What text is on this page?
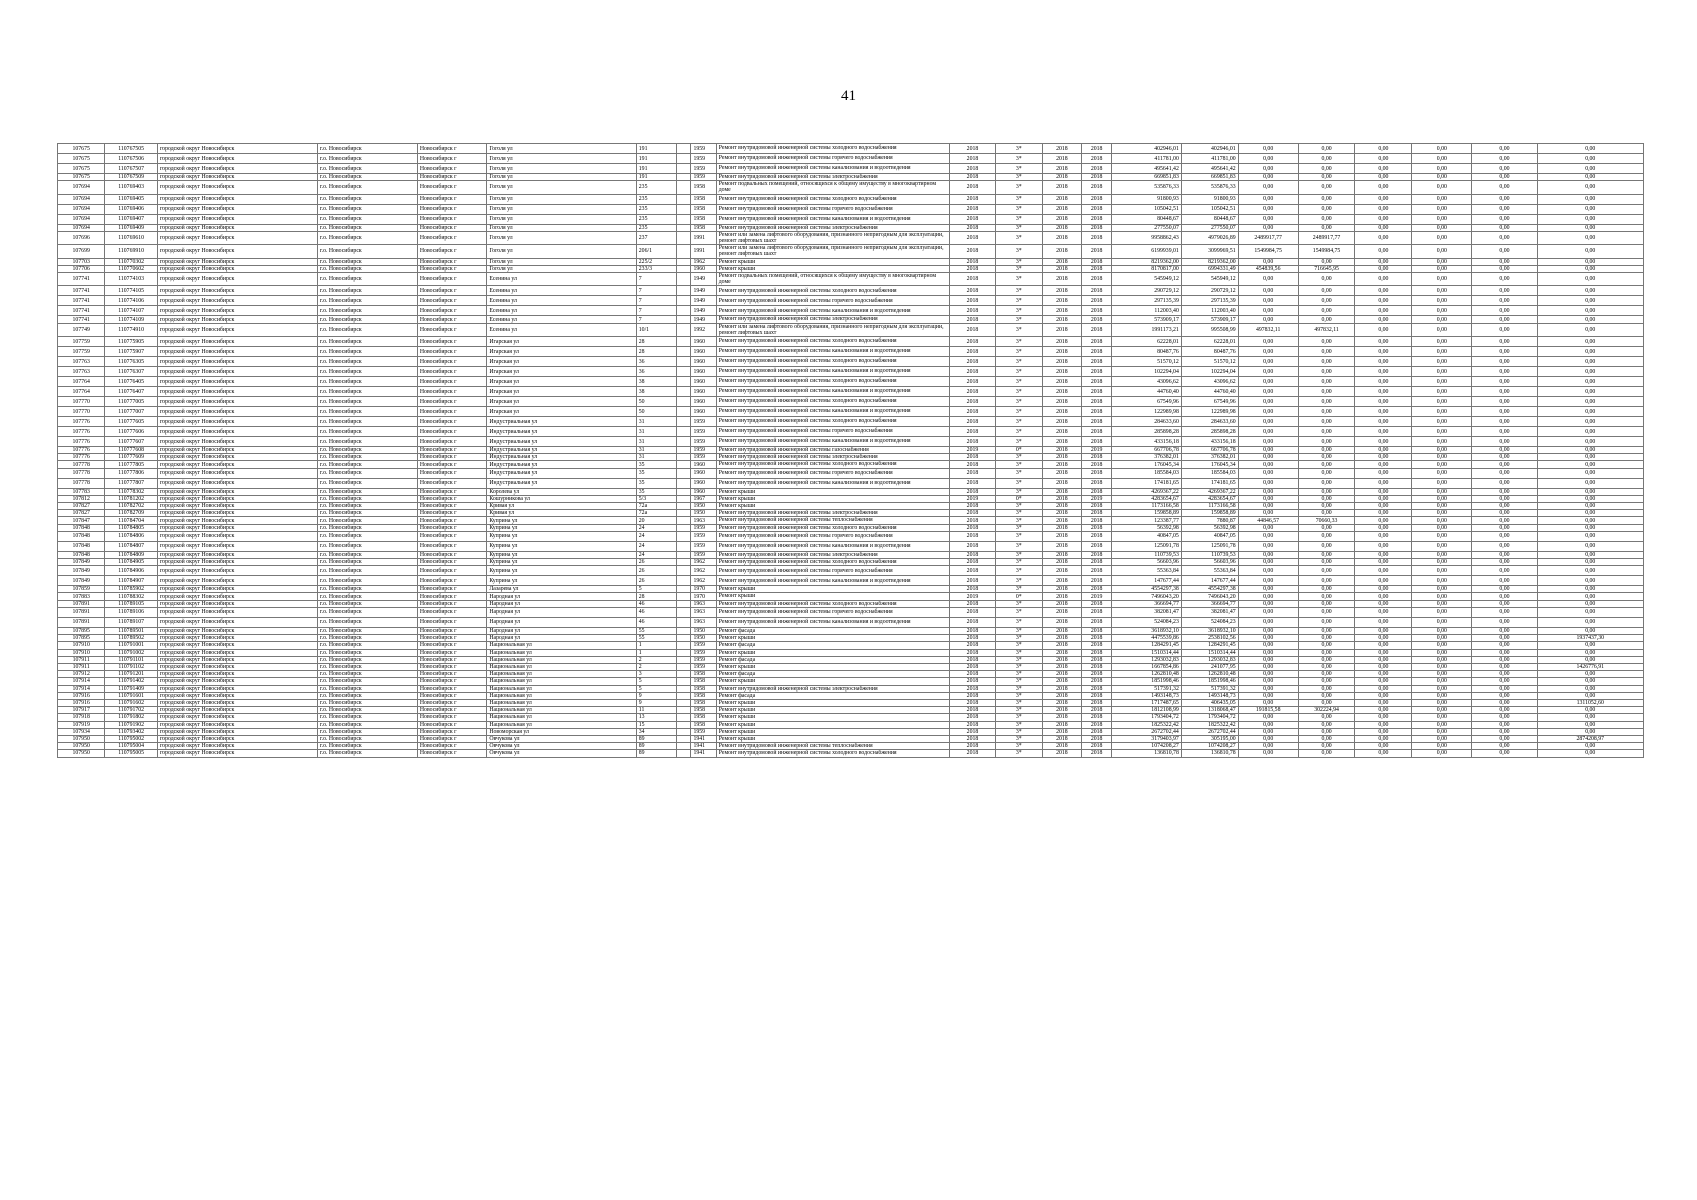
41
107675	110767505	городской округ Новосибирск	г.о. Новосибирск	Новосибирск г	Гоголя ул	191		1959	Ремонт внутридомовой инженерной системы холодного водоснабжения	2018	3*	2018	2018	402946,01	402946,01	0,00	0,00	0,00	0,00	0,00	0,00
107675	110767506	городской округ Новосибирск	г.о. Новосибирск	Новосибирск г	Гоголя ул	191		1959	Ремонт внутридомовой инженерной системы горячего водоснабжения	2018	3*	2018	2018	411781,00	411781,00	0,00	0,00	0,00	0,00	0,00	0,00
107675	110767507	городской округ Новосибирск	г.о. Новосибирск	Новосибирск г	Гоголя ул	191		1959	Ремонт внутридомовой инженерной системы канализования и водоотведения	2018	3*	2018	2018	495641,42	495641,42	0,00	0,00	0,00	0,00	0,00	0,00
107675	110767509	городской округ Новосибирск	г.о. Новосибирск	Новосибирск г	Гоголя ул	191		1959	Ремонт внутридомовой инженерной системы электроснабжения	2018	3*	2018	2018	669851,83	669851,83	0,00	0,00	0,00	0,00	0,00	0,00
107694	110769403	городской округ Новосибирск	г.о. Новосибирск	Новосибирск г	Гоголя ул	235		1958	Ремонт подвальных помещений, относящихся к общему имуществу в многоквартирном доме	2018	3*	2018	2018	535876,33	535876,33	0,00	0,00	0,00	0,00	0,00	0,00
107694	110769405	городской округ Новосибирск	г.о. Новосибирск	Новосибирск г	Гоголя ул	235		1958	Ремонт внутридомовой инженерной системы холодного водоснабжения	2018	3*	2018	2018	91800,93	91800,93	0,00	0,00	0,00	0,00	0,00	0,00
107694	110769406	городской округ Новосибирск	г.о. Новосибирск	Новосибирск г	Гоголя ул	235		1958	Ремонт внутридомовой инженерной системы горячего водоснабжения	2018	3*	2018	2018	105042,51	105042,51	0,00	0,00	0,00	0,00	0,00	0,00
107694	110769407	городской округ Новосибирск	г.о. Новосибирск	Новосибирск г	Гоголя ул	235		1958	Ремонт внутридомовой инженерной системы канализования и водоотведения	2018	3*	2018	2018	80448,67	80448,67	0,00	0,00	0,00	0,00	0,00	0,00
107694	110769409	городской округ Новосибирск	г.о. Новосибирск	Новосибирск г	Гоголя ул	235		1958	Ремонт внутридомовой инженерной системы электроснабжения	2018	3*	2018	2018	277550,07	277550,07	0,00	0,00	0,00	0,00	0,00	0,00
107696	110769610	городской округ Новосибирск	г.о. Новосибирск	Новосибирск г	Гоголя ул	237		1991	Ремонт или замена лифтового оборудования, признанного непригодным для эксплуатации, ремонт лифтовых шахт	2018	3*	2018	2018	9958862,43	4979026,89	2489917,77	2489917,77	0,00	0,00	0,00	0,00
107699	110769910	городской округ Новосибирск	г.о. Новосибирск	Новосибирск г	Гоголя ул	206/1		1991	Ремонт или замена лифтового оборудования, признанного непригодным для эксплуатации, ремонт лифтовых шахт	2018	3*	2018	2018	6199939,01	3099969,51	1549984,75	1549984,75	0,00	0,00	0,00	0,00
107703	110770302	городской округ Новосибирск	г.о. Новосибирск	Новосибирск г	Гоголя ул	225/2		1962	Ремонт крыши	2018	3*	2018	2018	8219362,00	8219362,00	0,00	0,00	0,00	0,00	0,00	0,00
107706	110770602	городской округ Новосибирск	г.о. Новосибирск	Новосибирск г	Гоголя ул	233/3		1960	Ремонт крыши	2018	3*	2018	2018	8170817,00	6994331,49	454839,56	716645,95	0,00	0,00	0,00	0,00
107741	110774103	городской округ Новосибирск	г.о. Новосибирск	Новосибирск г	Есенина ул	7		1949	Ремонт подвальных помещений, относящихся к общему имуществу в многоквартирном доме	2018	3*	2018	2018	545949,12	545949,12	0,00	0,00	0,00	0,00	0,00	0,00
107741	110774105	городской округ Новосибирск	г.о. Новосибирск	Новосибирск г	Есенина ул	7		1949	Ремонт внутридомовой инженерной системы холодного водоснабжения	2018	3*	2018	2018	290729,12	290729,12	0,00	0,00	0,00	0,00	0,00	0,00
107741	110774106	городской округ Новосибирск	г.о. Новосибирск	Новосибирск г	Есенина ул	7		1949	Ремонт внутридомовой инженерной системы горячего водоснабжения	2018	3*	2018	2018	297135,39	297135,39	0,00	0,00	0,00	0,00	0,00	0,00
107741	110774107	городской округ Новосибирск	г.о. Новосибирск	Новосибирск г	Есенина ул	7		1949	Ремонт внутридомовой инженерной системы канализования и водоотведения	2018	3*	2018	2018	112003,40	112003,40	0,00	0,00	0,00	0,00	0,00	0,00
107741	110774109	городской округ Новосибирск	г.о. Новосибирск	Новосибирск г	Есенина ул	7		1949	Ремонт внутридомовой инженерной системы электроснабжения	2018	3*	2018	2018	573909,17	573909,17	0,00	0,00	0,00	0,00	0,00	0,00
107749	110774910	городской округ Новосибирск	г.о. Новосибирск	Новосибирск г	Есенина ул	10/1		1992	Ремонт или замена лифтового оборудования, признанного непригодным для эксплуатации, ремонт лифтовых шахт	2018	3*	2018	2018	1991173,21	995508,99	497832,11	497832,11	0,00	0,00	0,00	0,00
107759	110775905	городской округ Новосибирск	г.о. Новосибирск	Новосибирск г	Игарская ул	28		1960	Ремонт внутридомовой инженерной системы холодного водоснабжения	2018	3*	2018	2018	62228,01	62228,01	0,00	0,00	0,00	0,00	0,00	0,00
107759	110775907	городской округ Новосибирск	г.о. Новосибирск	Новосибирск г	Игарская ул	28		1960	Ремонт внутридомовой инженерной системы канализования и водоотведения	2018	3*	2018	2018	80487,76	80487,76	0,00	0,00	0,00	0,00	0,00	0,00
107763	110776305	городской округ Новосибирск	г.о. Новосибирск	Новосибирск г	Игарская ул	36		1960	Ремонт внутридомовой инженерной системы холодного водоснабжения	2018	3*	2018	2018	51570,12	51570,12	0,00	0,00	0,00	0,00	0,00	0,00
107763	110776307	городской округ Новосибирск	г.о. Новосибирск	Новосибирск г	Игарская ул	36		1960	Ремонт внутридомовой инженерной системы канализования и водоотведения	2018	3*	2018	2018	102294,04	102294,04	0,00	0,00	0,00	0,00	0,00	0,00
107764	110776405	городской округ Новосибирск	г.о. Новосибирск	Новосибирск г	Игарская ул	38		1960	Ремонт внутридомовой инженерной системы холодного водоснабжения	2018	3*	2018	2018	43096,62	43096,62	0,00	0,00	0,00	0,00	0,00	0,00
107764	110776407	городской округ Новосибирск	г.о. Новосибирск	Новосибирск г	Игарская ул	38		1960	Ремонт внутридомовой инженерной системы канализования и водоотведения	2018	3*	2018	2018	44760,40	44760,40	0,00	0,00	0,00	0,00	0,00	0,00
107770	110777005	городской округ Новосибирск	г.о. Новосибирск	Новосибирск г	Игарская ул	50		1960	Ремонт внутридомовой инженерной системы холодного водоснабжения	2018	3*	2018	2018	67549,96	67549,96	0,00	0,00	0,00	0,00	0,00	0,00
107770	110777007	городской округ Новосибирск	г.о. Новосибирск	Новосибирск г	Игарская ул	50		1960	Ремонт внутридомовой инженерной системы канализования и водоотведения	2018	3*	2018	2018	122989,98	122989,98	0,00	0,00	0,00	0,00	0,00	0,00
107776	110777605	городской округ Новосибирск	г.о. Новосибирск	Новосибирск г	Индустриальная ул	31		1959	Ремонт внутридомовой инженерной системы холодного водоснабжения	2018	3*	2018	2018	284633,60	284633,60	0,00	0,00	0,00	0,00	0,00	0,00
107776	110777606	городской округ Новосибирск	г.о. Новосибирск	Новосибирск г	Индустриальная ул	31		1959	Ремонт внутридомовой инженерной системы горячего водоснабжения	2018	3*	2018	2018	285898,28	285898,28	0,00	0,00	0,00	0,00	0,00	0,00
107776	110777607	городской округ Новосибирск	г.о. Новосибирск	Новосибирск г	Индустриальная ул	31		1959	Ремонт внутридомовой инженерной системы канализования и водоотведения	2018	3*	2018	2018	433156,18	433156,18	0,00	0,00	0,00	0,00	0,00	0,00
107776	110777608	городской округ Новосибирск	г.о. Новосибирск	Новосибирск г	Индустриальная ул	31		1959	Ремонт внутридомовой инженерной системы газоснабжения	2019	0*	2018	2019	667706,78	667706,78	0,00	0,00	0,00	0,00	0,00	0,00
107776	110777609	городской округ Новосибирск	г.о. Новосибирск	Новосибирск г	Индустриальная ул	31		1959	Ремонт внутридомовой инженерной системы электроснабжения	2018	3*	2018	2018	376382,01	376382,01	0,00	0,00	0,00	0,00	0,00	0,00
107778	110777805	городской округ Новосибирск	г.о. Новосибирск	Новосибирск г	Индустриальная ул	35		1960	Ремонт внутридомовой инженерной системы холодного водоснабжения	2018	3*	2018	2018	176045,34	176045,34	0,00	0,00	0,00	0,00	0,00	0,00
107778	110777806	городской округ Новосибирск	г.о. Новосибирск	Новосибирск г	Индустриальная ул	35		1960	Ремонт внутридомовой инженерной системы горячего водоснабжения	2018	3*	2018	2018	185584,03	185584,03	0,00	0,00	0,00	0,00	0,00	0,00
107778	110777807	городской округ Новосибирск	г.о. Новосибирск	Новосибирск г	Индустриальная ул	35		1960	Ремонт внутридомовой инженерной системы канализования и водоотведения	2018	3*	2018	2018	174181,65	174181,65	0,00	0,00	0,00	0,00	0,00	0,00
107783	110778302	городской округ Новосибирск	г.о. Новосибирск	Новосибирск г	Королева ул	35		1960	Ремонт крыши	2018	3*	2018	2018	4269367,22	4269367,22	0,00	0,00	0,00	0,00	0,00	0,00
107812	110781202	городской округ Новосибирск	г.о. Новосибирск	Новосибирск г	Кошурникова ул	5/3		1967	Ремонт крыши	2019	0*	2018	2019	4283654,67	4283654,67	0,00	0,00	0,00	0,00	0,00	0,00
107827	110782702	городской округ Новосибирск	г.о. Новосибирск	Новосибирск г	Кривая ул	72а		1950	Ремонт крыши	2018	3*	2018	2018	1173166,58	1173166,58	0,00	0,00	0,00	0,00	0,00	0,00
107827	110782709	городской округ Новосибирск	г.о. Новосибирск	Новосибирск г	Кривая ул	72а		1950	Ремонт внутридомовой инженерной системы электроснабжения	2018	3*	2018	2018	159858,89	159858,89	0,00	0,00	0,00	0,00	0,00	0,00
107847	110784704	городской округ Новосибирск	г.о. Новосибирск	Новосибирск г	Куприна ул	20		1963	Ремонт внутридомовой инженерной системы теплоснабжения	2018	3*	2018	2018	123387,77	7880,87	44846,57	70660,33	0,00	0,00	0,00	0,00
107848	110784805	городской округ Новосибирск	г.о. Новосибирск	Новосибирск г	Куприна ул	24		1959	Ремонт внутридомовой инженерной системы холодного водоснабжения	2018	3*	2018	2018	56392,98	56392,98	0,00	0,00	0,00	0,00	0,00	0,00
107848	110784806	городской округ Новосибирск	г.о. Новосибирск	Новосибирск г	Куприна ул	24		1959	Ремонт внутридомовой инженерной системы горячего водоснабжения	2018	3*	2018	2018	40847,05	40847,05	0,00	0,00	0,00	0,00	0,00	0,00
107848	110784807	городской округ Новосибирск	г.о. Новосибирск	Новосибирск г	Куприна ул	24		1959	Ремонт внутридомовой инженерной системы канализования и водоотведения	2018	3*	2018	2018	125091,78	125091,78	0,00	0,00	0,00	0,00	0,00	0,00
107848	110784809	городской округ Новосибирск	г.о. Новосибирск	Новосибирск г	Куприна ул	24		1959	Ремонт внутридомовой инженерной системы электроснабжения	2018	3*	2018	2018	110739,53	110739,53	0,00	0,00	0,00	0,00	0,00	0,00
107849	110784905	городской округ Новосибирск	г.о. Новосибирск	Новосибирск г	Куприна ул	26		1962	Ремонт внутридомовой инженерной системы холодного водоснабжения	2018	3*	2018	2018	56603,96	56603,96	0,00	0,00	0,00	0,00	0,00	0,00
107849	110784906	городской округ Новосибирск	г.о. Новосибирск	Новосибирск г	Куприна ул	26		1962	Ремонт внутридомовой инженерной системы горячего водоснабжения	2018	3*	2018	2018	55363,84	55363,84	0,00	0,00	0,00	0,00	0,00	0,00
107849	110784907	городской округ Новосибирск	г.о. Новосибирск	Новосибирск г	Куприна ул	26		1962	Ремонт внутридомовой инженерной системы канализования и водоотведения	2018	3*	2018	2018	147677,44	147677,44	0,00	0,00	0,00	0,00	0,00	0,00
107859	110785902	городской округ Новосибирск	г.о. Новосибирск	Новосибирск г	Лазарева ул	5		1970	Ремонт крыши	2018	3*	2018	2018	4554297,38	4554297,38	0,00	0,00	0,00	0,00	0,00	0,00
107883	110788302	городской округ Новосибирск	г.о. Новосибирск	Новосибирск г	Народная ул	28		1970	Ремонт крыши	2019	0*	2018	2019	7496043,20	7496043,20	0,00	0,00	0,00	0,00	0,00	0,00
107891	110789105	городской округ Новосибирск	г.о. Новосибирск	Новосибирск г	Народная ул	46		1963	Ремонт внутридомовой инженерной системы холодного водоснабжения	2018	3*	2018	2018	366694,77	366694,77	0,00	0,00	0,00	0,00	0,00	0,00
107891	110789106	городской округ Новосибирск	г.о. Новосибирск	Новосибирск г	Народная ул	46		1963	Ремонт внутридомовой инженерной системы горячего водоснабжения	2018	3*	2018	2018	382081,47	382081,47	0,00	0,00	0,00	0,00	0,00	0,00
107891	110789107	городской округ Новосибирск	г.о. Новосибирск	Новосибирск г	Народная ул	46		1963	Ремонт внутридомовой инженерной системы канализования и водоотведения	2018	3*	2018	2018	524084,23	524084,23	0,00	0,00	0,00	0,00	0,00	0,00
107895	110789501	городской округ Новосибирск	г.о. Новосибирск	Новосибирск г	Народная ул	55		1950	Ремонт фасада	2018	3*	2018	2018	3618932,10	3618932,10	0,00	0,00	0,00	0,00	0,00	0,00
107895	110789502	городской округ Новосибирск	г.о. Новосибирск	Новосибирск г	Народная ул	55		1950	Ремонт крыши	2018	3*	2018	2018	4475539,86	2538102,56	0,00	0,00	0,00	0,00	0,00	1937437,30
107910	110791001	городской округ Новосибирск	г.о. Новосибирск	Новосибирск г	Национальная ул	1		1959	Ремонт фасада	2018	3*	2018	2018	1284291,45	1284291,45	0,00	0,00	0,00	0,00	0,00	0,00
107910	110791002	городской округ Новосибирск	г.о. Новосибирск	Новосибирск г	Национальная ул	1		1959	Ремонт крыши	2018	3*	2018	2018	1510314,44	1510314,44	0,00	0,00	0,00	0,00	0,00	0,00
107911	110791101	городской округ Новосибирск	г.о. Новосибирск	Новосибирск г	Национальная ул	2		1959	Ремонт фасада	2018	3*	2018	2018	1293032,83	1293032,83	0,00	0,00	0,00	0,00	0,00	0,00
107911	110791102	городской округ Новосибирск	г.о. Новосибирск	Новосибирск г	Национальная ул	2		1959	Ремонт крыши	2018	3*	2018	2018	1667854,86	241077,95	0,00	0,00	0,00	0,00	0,00	1426776,91
107912	110791201	городской округ Новосибирск	г.о. Новосибирск	Новосибирск г	Национальная ул	3		1958	Ремонт фасада	2018	3*	2018	2018	1262810,48	1262810,48	0,00	0,00	0,00	0,00	0,00	0,00
107914	110791402	городской округ Новосибирск	г.о. Новосибирск	Новосибирск г	Национальная ул	5		1958	Ремонт крыши	2018	3*	2018	2018	1851998,46	1851998,46	0,00	0,00	0,00	0,00	0,00	0,00
107914	110791409	городской округ Новосибирск	г.о. Новосибирск	Новосибирск г	Национальная ул	5		1958	Ремонт внутридомовой инженерной системы электроснабжения	2018	3*	2018	2018	517391,32	517391,32	0,00	0,00	0,00	0,00	0,00	0,00
107916	110791601	городской округ Новосибирск	г.о. Новосибирск	Новосибирск г	Национальная ул	9		1958	Ремонт фасада	2018	3*	2018	2018	1493148,73	1493148,73	0,00	0,00	0,00	0,00	0,00	0,00
107916	110791602	городской округ Новосибирск	г.о. Новосибирск	Новосибирск г	Национальная ул	9		1958	Ремонт крыши	2018	3*	2018	2018	1717487,65	406435,05	0,00	0,00	0,00	0,00	0,00	1311052,60
107917	110791702	городской округ Новосибирск	г.о. Новосибирск	Новосибирск г	Национальная ул	11		1958	Ремонт крыши	2018	3*	2018	2018	1812108,99	1318068,47	191815,58	302224,94	0,00	0,00	0,00	0,00
107918	110791802	городской округ Новосибирск	г.о. Новосибирск	Новосибирск г	Национальная ул	13		1958	Ремонт крыши	2018	3*	2018	2018	1793404,72	1793404,72	0,00	0,00	0,00	0,00	0,00	0,00
107919	110791902	городской округ Новосибирск	г.о. Новосибирск	Новосибирск г	Национальная ул	15		1958	Ремонт крыши	2018	3*	2018	2018	1825322,42	1825322,42	0,00	0,00	0,00	0,00	0,00	0,00
107934	110793402	городской округ Новосибирск	г.о. Новосибирск	Новосибирск г	Новоморская ул	34		1959	Ремонт крыши	2018	3*	2018	2018	2672702,44	2672702,44	0,00	0,00	0,00	0,00	0,00	0,00
107950	110795002	городской округ Новосибирск	г.о. Новосибирск	Новосибирск г	Овчукова ул	89		1941	Ремонт крыши	2018	3*	2018	2018	3179403,97	305195,00	0,00	0,00	0,00	0,00	0,00	2874208,97
107950	110795004	городской округ Новосибирск	г.о. Новосибирск	Новосибирск г	Овчукова ул	89		1941	Ремонт внутридомовой инженерной системы теплоснабжения	2018	3*	2018	2018	1074208,27	1074208,27	0,00	0,00	0,00	0,00	0,00	0,00
107950	110795005	городской округ Новосибирск	г.о. Новосибирск	Новосибирск г	Овчукова ул	89		1941	Ремонт внутридомовой инженерной системы холодного водоснабжения	2018	3*	2018	2018	136810,78	136810,78	0,00	0,00	0,00	0,00	0,00	0,00
